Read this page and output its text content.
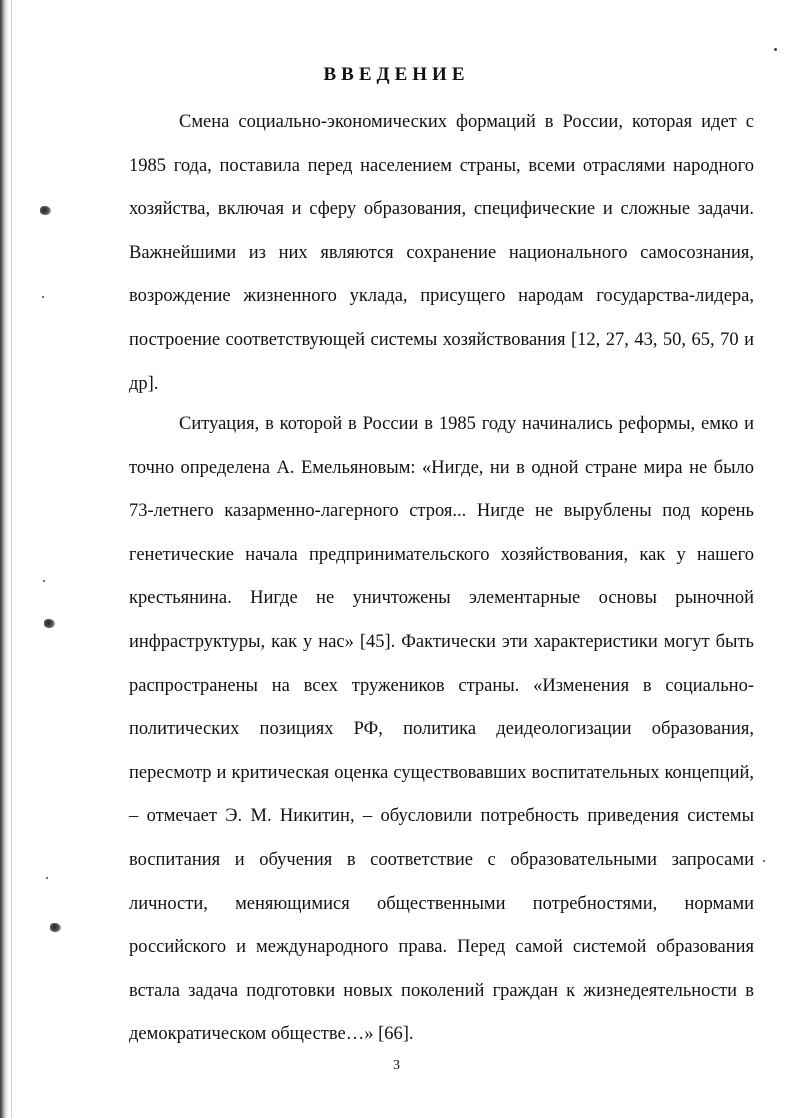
ВВЕДЕНИЕ

Смена социально-экономических формаций в России, которая идет с 1985 года, поставила перед населением страны, всеми отраслями народного хозяйства, включая и сферу образования, специфические и сложные задачи. Важнейшими из них являются сохранение национального самосознания, возрождение жизненного уклада, присущего народам государства-лидера, построение соответствующей системы хозяйствования [12, 27, 43, 50, 65, 70 и др].

Ситуация, в которой в России в 1985 году начинались реформы, емко и точно определена А. Емельяновым: «Нигде, ни в одной стране мира не было 73-летнего казарменно-лагерного строя... Нигде не вырублены под корень генетические начала предпринимательского хозяйствования, как у нашего крестьянина. Нигде не уничтожены элементарные основы рыночной инфраструктуры, как у нас» [45]. Фактически эти характеристики могут быть распространены на всех тружеников страны. «Изменения в социально-политических позициях РФ, политика деидеологизации образования, пересмотр и критическая оценка существовавших воспитательных концепций, – отмечает Э. М. Никитин, – обусловили потребность приведения системы воспитания и обучения в соответствие с образовательными запросами личности, меняющимися общественными потребностями, нормами российского и международного права. Перед самой системой образования встала задача подготовки новых поколений граждан к жизнедеятельности в демократическом обществе…» [66].

3
